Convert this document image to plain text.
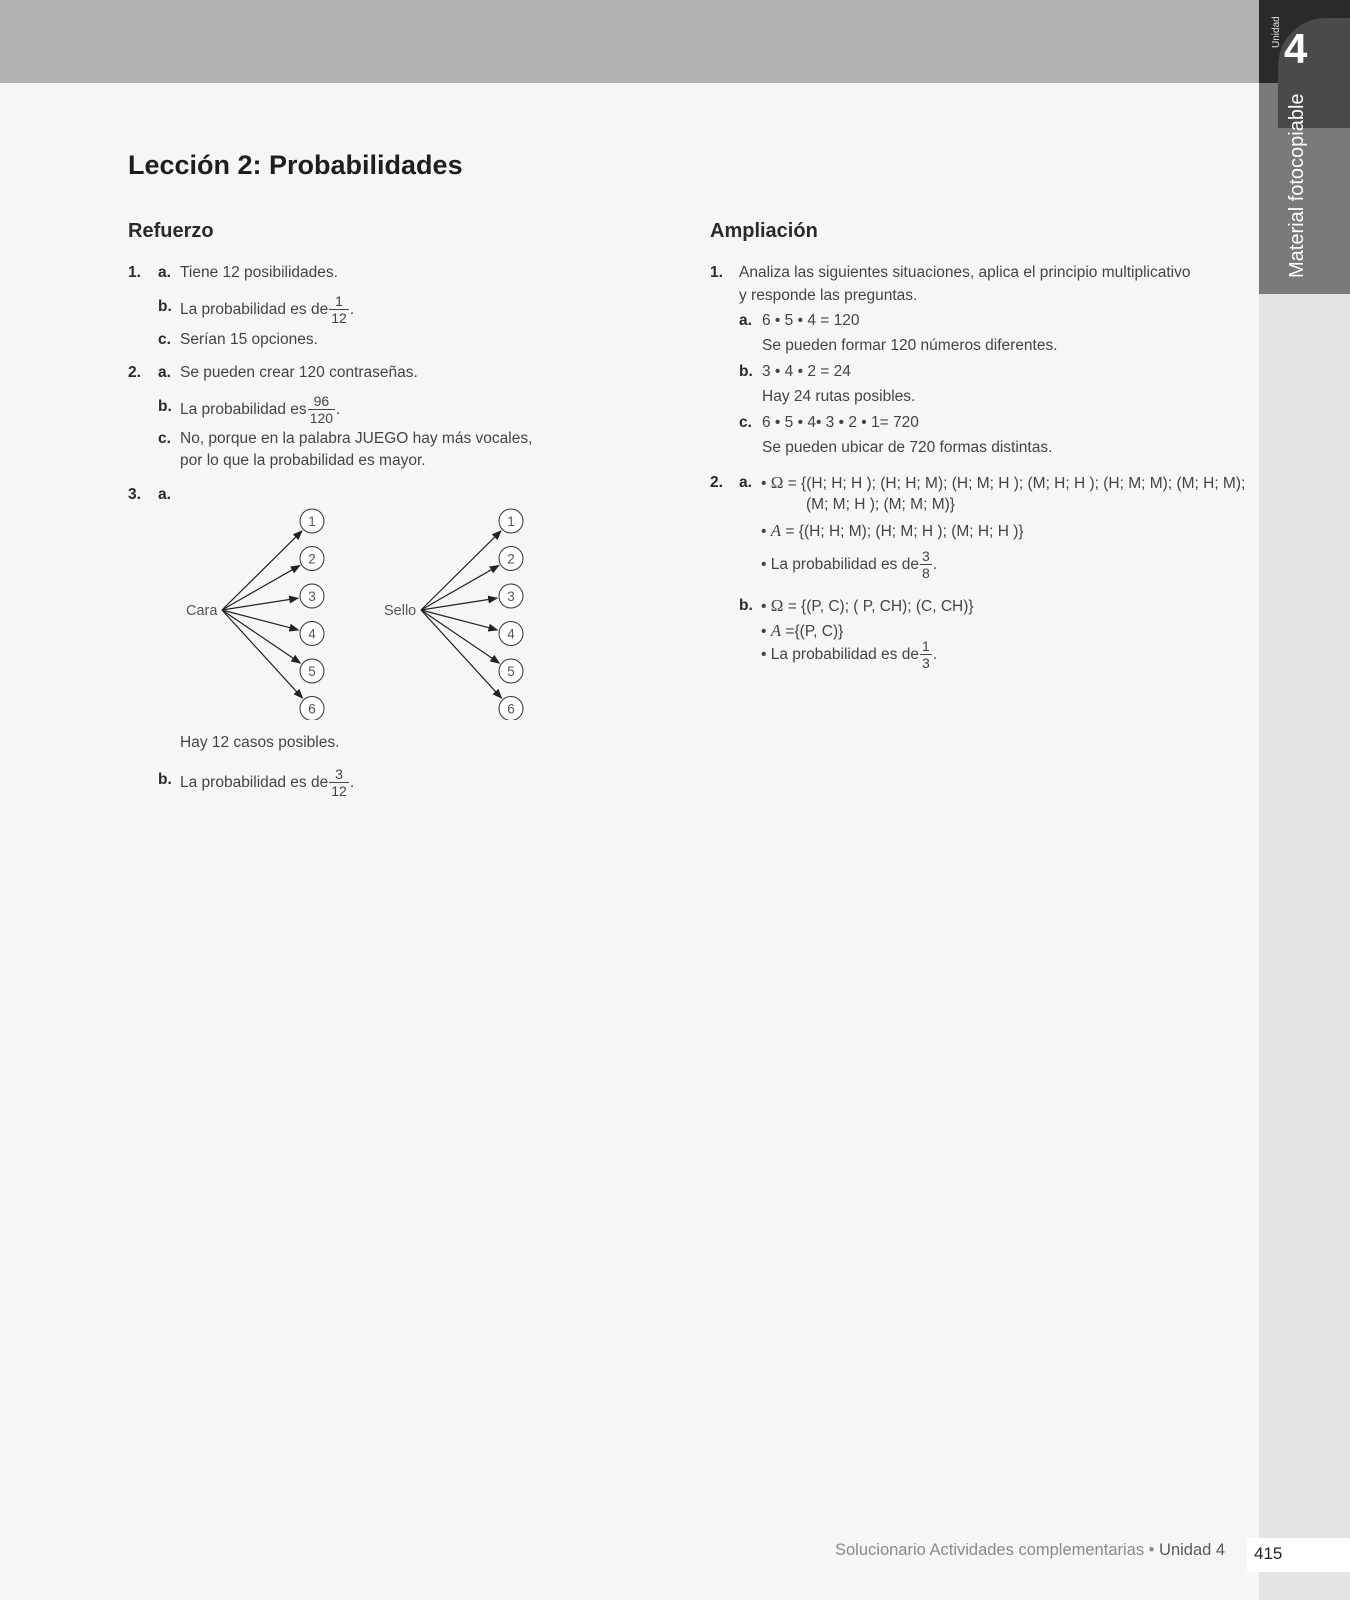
Unidad 4
Material fotocopiable
Lección 2: Probabilidades
Refuerzo
1. a. Tiene 12 posibilidades.
b. La probabilidad es de $\frac{1}{12}$ .
c. Serían 15 opciones.
2. a. Se pueden crear 120 contraseñas.
b. La probabilidad es $\frac{96}{120}$ .
c. No, porque en la palabra JUEGO hay más vocales,
por lo que la probabilidad es mayor.
3. a.
1
2
3
4
5
6
1
2
3
4
5
6
Cara	Sello
Hay 12 casos posibles.
b. La probabilidad es de $\frac{3}{12}$ .
Ampliación
1. Analiza las siguientes situaciones, aplica el principio multiplicativo
y responde las preguntas.
a. 6 • 5 • 4 = 120
Se pueden formar 120 números diferentes.
b. 3 • 4 • 2 = 24
Hay 24 rutas posibles.
c. 6 • 5 • 4• 3 • 2 • 1= 720
Se pueden ubicar de 720 formas distintas.
2. a. • Ω = {(H; H; H ); (H; H; M); (H; M; H ); (M; H; H ); (H; M; M); (M; H; M);
(M; M; H ); (M; M; M)}
• A = {(H; H; M); (H; M; H ); (M; H; H )}
• La probabilidad es de $\frac{3}{8}$ .
b. • Ω = {(P, C); ( P, CH); (C, CH)}
• A ={(P, C)}
• La probabilidad es de $\frac{1}{3}$ .
Solucionario Actividades complementarias • Unidad 4 415
